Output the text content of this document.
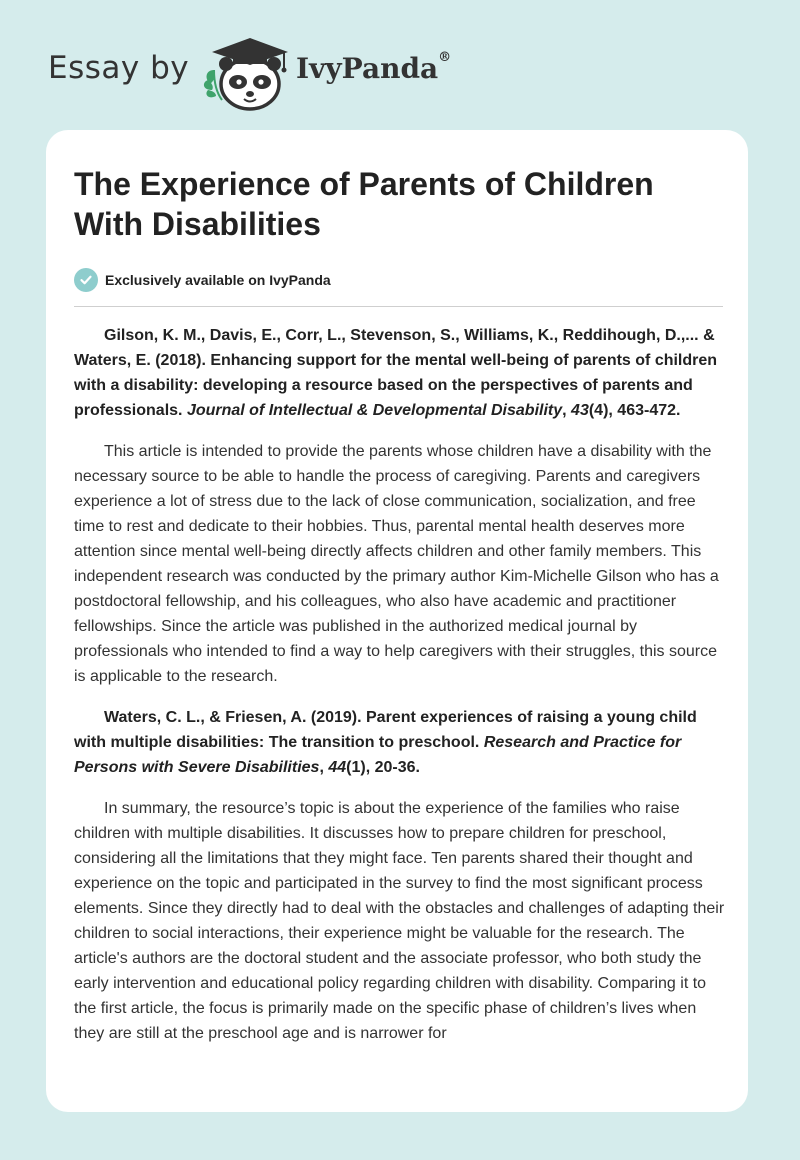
Essay by	IvyPanda®
The Experience of Parents of Children With Disabilities
Exclusively available on IvyPanda

Gilson, K. M., Davis, E., Corr, L., Stevenson, S., Williams, K., Reddihough, D.,... & Waters, E. (2018). Enhancing support for the mental well-being of parents of children with a disability: developing a resource based on the perspectives of parents and professionals. Journal of Intellectual & Developmental Disability, 43(4), 463-472.

This article is intended to provide the parents whose children have a disability with the necessary source to be able to handle the process of caregiving. Parents and caregivers experience a lot of stress due to the lack of close communication, socialization, and free time to rest and dedicate to their hobbies. Thus, parental mental health deserves more attention since mental well-being directly affects children and other family members. This independent research was conducted by the primary author Kim-Michelle Gilson who has a postdoctoral fellowship, and his colleagues, who also have academic and practitioner fellowships. Since the article was published in the authorized medical journal by professionals who intended to find a way to help caregivers with their struggles, this source is applicable to the research.

Waters, C. L., & Friesen, A. (2019). Parent experiences of raising a young child with multiple disabilities: The transition to preschool. Research and Practice for Persons with Severe Disabilities, 44(1), 20-36.

In summary, the resource’s topic is about the experience of the families who raise children with multiple disabilities. It discusses how to prepare children for preschool, considering all the limitations that they might face. Ten parents shared their thought and experience on the topic and participated in the survey to find the most significant process elements. Since they directly had to deal with the obstacles and challenges of adapting their children to social interactions, their experience might be valuable for the research. The article's authors are the doctoral student and the associate professor, who both study the early intervention and educational policy regarding children with disability. Comparing it to the first article, the focus is primarily made on the specific phase of children’s lives when they are still at the preschool age and is narrower for
